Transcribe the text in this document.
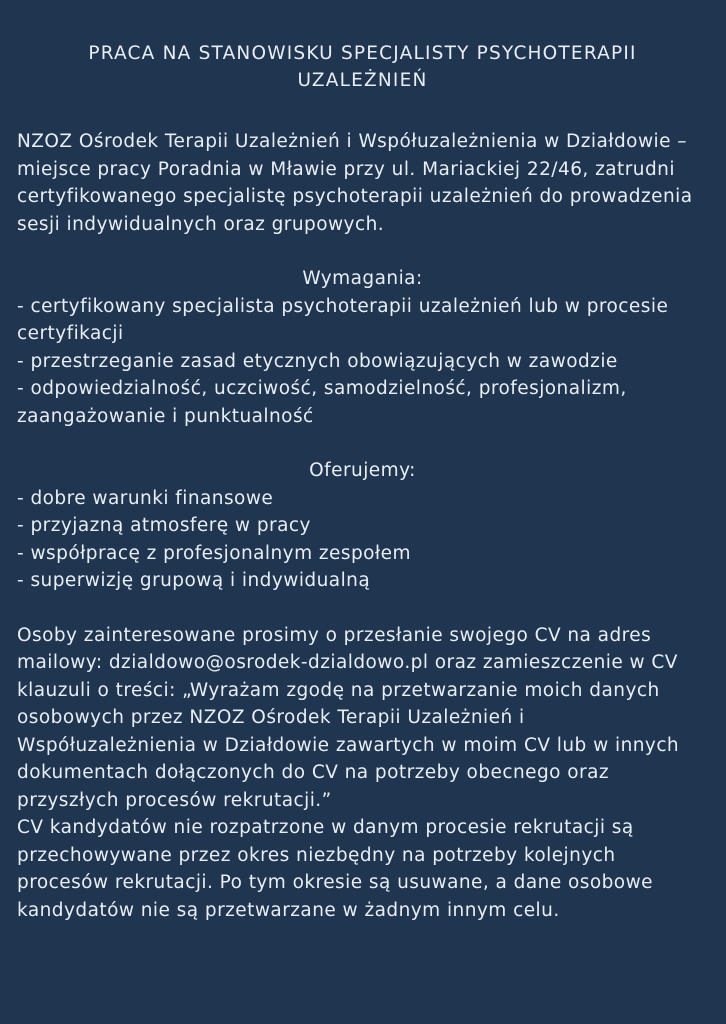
PRACA NA STANOWISKU SPECJALISTY PSYCHOTERAPII UZALEŻNIEŃ

NZOZ Ośrodek Terapii Uzależnień i Współuzależnienia w Działdowie – miejsce pracy Poradnia w Mławie przy ul. Mariackiej 22/46, zatrudni certyfikowanego specjalistę psychoterapii uzależnień do prowadzenia sesji indywidualnych oraz grupowych.

Wymagania:
- certyfikowany specjalista psychoterapii uzależnień lub w procesie certyfikacji
- przestrzeganie zasad etycznych obowiązujących w zawodzie
- odpowiedzialność, uczciwość, samodzielność, profesjonalizm, zaangażowanie i punktualność
Oferujemy:
- dobre warunki finansowe
- przyjazną atmosferę w pracy
- współpracę z profesjonalnym zespołem
- superwizję grupową i indywidualną
Osoby zainteresowane prosimy o przesłanie swojego CV na adres mailowy: dzialdowo@osrodek-dzialdowo.pl oraz zamieszczenie w CV klauzuli o treści: „Wyrażam zgodę na przetwarzanie moich danych osobowych przez NZOZ Ośrodek Terapii Uzależnień i Współuzależnienia w Działdowie zawartych w moim CV lub w innych dokumentach dołączonych do CV na potrzeby obecnego oraz przyszłych procesów rekrutacji.”
CV kandydatów nie rozpatrzone w danym procesie rekrutacji są przechowywane przez okres niezbędny na potrzeby kolejnych procesów rekrutacji. Po tym okresie są usuwane, a dane osobowe kandydatów nie są przetwarzane w żadnym innym celu.
